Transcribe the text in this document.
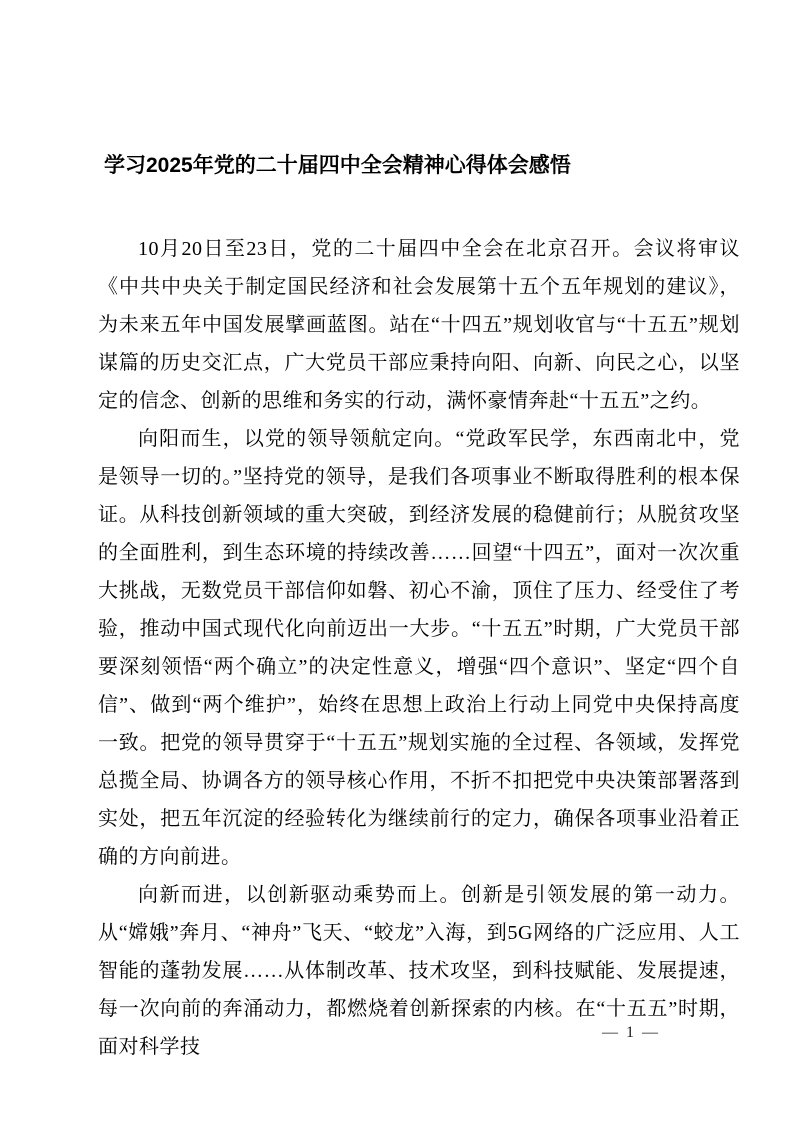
学习2025年党的二十届四中全会精神心得体会感悟

10月20日至23日，党的二十届四中全会在北京召开。会议将审议《中共中央关于制定国民经济和社会发展第十五个五年规划的建议》，为未来五年中国发展擘画蓝图。站在“十四五”规划收官与“十五五”规划谋篇的历史交汇点，广大党员干部应秉持向阳、向新、向民之心，以坚定的信念、创新的思维和务实的行动，满怀豪情奔赴“十五五”之约。

向阳而生，以党的领导领航定向。“党政军民学，东西南北中，党是领导一切的。”坚持党的领导，是我们各项事业不断取得胜利的根本保证。从科技创新领域的重大突破，到经济发展的稳健前行；从脱贫攻坚的全面胜利，到生态环境的持续改善……回望“十四五”，面对一次次重大挑战，无数党员干部信仰如磐、初心不渝，顶住了压力、经受住了考验，推动中国式现代化向前迈出一大步。“十五五”时期，广大党员干部要深刻领悟“两个确立”的决定性意义，增强“四个意识”、坚定“四个自信”、做到“两个维护”，始终在思想上政治上行动上同党中央保持高度一致。把党的领导贯穿于“十五五”规划实施的全过程、各领域，发挥党总揽全局、协调各方的领导核心作用，不折不扣把党中央决策部署落到实处，把五年沉淀的经验转化为继续前行的定力，确保各项事业沿着正确的方向前进。

向新而进，以创新驱动乘势而上。创新是引领发展的第一动力。从“嫦娥”奔月、“神舟”飞天、“蛟龙”入海，到5G网络的广泛应用、人工智能的蓬勃发展……从体制改革、技术攻坚，到科技赋能、发展提速，每一次向前的奔涌动力，都燃烧着创新探索的内核。在“十五五”时期，面对科学技

— 1 —
